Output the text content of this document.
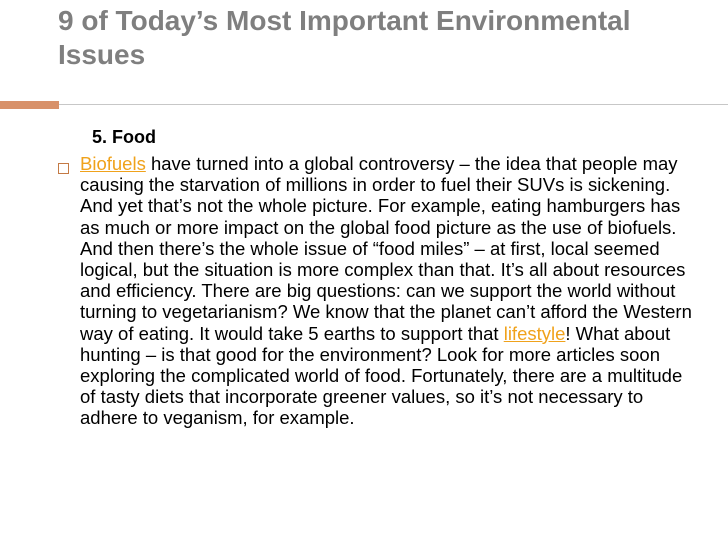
9 of Today’s Most Important Environmental Issues
5. Food

Biofuels have turned into a global controversy – the idea that people may causing the starvation of millions in order to fuel their SUVs is sickening. And yet that’s not the whole picture. For example, eating hamburgers has as much or more impact on the global food picture as the use of biofuels. And then there’s the whole issue of “food miles” – at first, local seemed logical, but the situation is more complex than that. It’s all about resources and efficiency. There are big questions: can we support the world without turning to vegetarianism? We know that the planet can’t afford the Western way of eating. It would take 5 earths to support that lifestyle! What about hunting – is that good for the environment? Look for more articles soon exploring the complicated world of food. Fortunately, there are a multitude of tasty diets that incorporate greener values, so it’s not necessary to adhere to veganism, for example.
